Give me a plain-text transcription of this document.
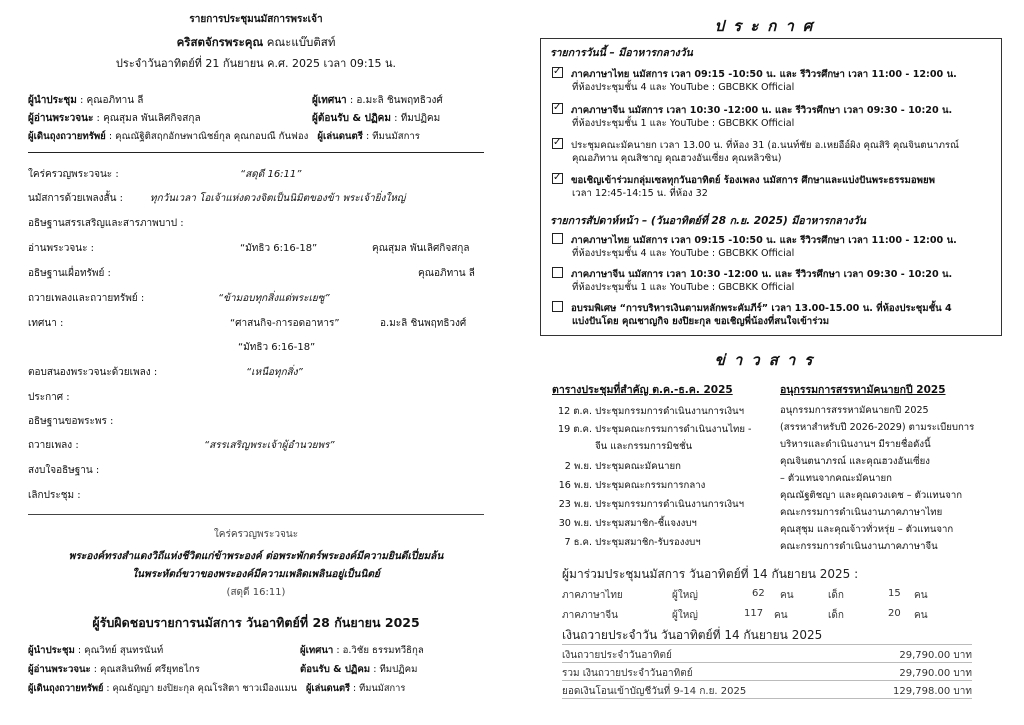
รายการประชุมนมัสการพระเจ้า
คริสตจักรพระคุณ คณะแบ๊บติสท์
ประจำวันอาทิตย์ที่ 21 กันยายน ค.ศ. 2025 เวลา 09:15 น.
ผู้นำประชุม : คุณอภิทาน ลี	ผู้เทศนา : อ.มะลิ ชินพฤทธิวงศ์
ผู้อ่านพระวจนะ : คุณสุมล พันเลิศกิจสกุล	ผู้ต้อนรับ & ปฏิคม : ทีมปฏิคม
ผู้เดินถุงถวายทรัพย์ : คุณณัฐิติสฤกอักษพาณิชย์กุล คุณกอบณี กันฟอง ผู้เล่นดนตรี : ทีมนมัสการ
ใคร่ครวญพระวจนะ :	“สดุดี 16:11”
นมัสการด้วยเพลงสั้น :	ทุกวันเวลา โอเจ้าแห่งดวงจิตเป็นนิมิตของข้า พระเจ้ายิ่งใหญ่
อธิษฐานสรรเสริญและสารภาพบาป :
อ่านพระวจนะ :	“มัทธิว 6:16-18”	คุณสุมล พันเลิศกิจสกุล
อธิษฐานเผื่อทรัพย์ :	คุณอภิทาน ลี
ถวายเพลงและถวายทรัพย์ :	“ข้ามอบทุกสิ่งแด่พระเยซู”
เทศนา :	“ศาสนกิจ-การอดอาหาร”	อ.มะลิ ชินพฤทธิวงศ์
“มัทธิว 6:16-18”
ตอบสนองพระวจนะด้วยเพลง :	“เหนือทุกสิ่ง”
ประกาศ :
อธิษฐานขอพระพร :
ถวายเพลง :	“สรรเสริญพระเจ้าผู้อำนวยพร”
สงบใจอธิษฐาน :
เลิกประชุม :
ใคร่ครวญพระวจนะ
พระองค์ทรงสำแดงวิถีแห่งชีวิตแก่ข้าพระองค์ ต่อพระพักตร์พระองค์มีความยินดีเปี่ยมล้น
ในพระหัตถ์ขวาของพระองค์มีความเพลิดเพลินอยู่เป็นนิตย์
(สดุดี 16:11)
ผู้รับผิดชอบรายการนมัสการ วันอาทิตย์ที่ 28 กันยายน 2025
ผู้นำประชุม : คุณวิทย์ สุนทรนันท์	ผู้เทศนา : อ.วิชัย ธรรมทวีธิกุล
ผู้อ่านพระวจนะ : คุณสลินทิพย์ ศรียุทธไกร	ต้อนรับ & ปฏิคม : ทีมปฏิคม
ผู้เดินถุงถวายทรัพย์ : คุณธัญญา ยงปิยะกุล คุณโรสิตา ชาวเมืองแมน ผู้เล่นดนตรี : ทีมนมัสการ
ประกาศ
รายการวันนี้ – มีอาหารกลางวัน
✓ภาคภาษาไทย นมัสการ เวลา 09:15 -10:50 น. และ รีวิวรศึกษา เวลา 11:00 - 12:00 น.
ที่ห้องประชุมชั้น 4 และ YouTube : GBCBKK Official
✓ภาคภาษาจีน นมัสการ เวลา 10:30 -12:00 น. และ รีวิวรศึกษา เวลา 09:30 - 10:20 น.
ที่ห้องประชุมชั้น 1 และ YouTube : GBCBKK Official
✓ประชุมคณะมัคนายก เวลา 13.00 น. ที่ห้อง 31 (อ.นนท์ชัย อ.เหยอือ์ผิง คุณสิริ คุณจินตนาภรณ์
คุณอภิทาน คุณสิชาญ คุณฮวงอันเซี่ยง คุณหลิวซิน)
✓ขอเชิญเข้าร่วมกลุ่มเซลทุกวันอาทิตย์ ร้องเพลง นมัสการ ศึกษาและแบ่งปันพระธรรมอพยพ
เวลา 12:45-14:15 น. ที่ห้อง 32
รายการสัปดาห์หน้า – (วันอาทิตย์ที่ 28 ก.ย. 2025) มีอาหารกลางวัน
ภาคภาษาไทย นมัสการ เวลา 09:15 -10:50 น. และ รีวิวรศึกษา เวลา 11:00 - 12:00 น.
ที่ห้องประชุมชั้น 4 และ YouTube : GBCBKK Official
ภาคภาษาจีน นมัสการ เวลา 10:30 -12:00 น. และ รีวิวรศึกษา เวลา 09:30 - 10:20 น.
ที่ห้องประชุมชั้น 1 และ YouTube : GBCBKK Official
อบรมพิเศษ “การบริหารเงินตามหลักพระคัมภีร์” เวลา 13.00-15.00 น. ที่ห้องประชุมชั้น 4
แบ่งปันโดย คุณชาญกิจ ยงปิยะกุล ขอเชิญพี่น้องที่สนใจเข้าร่วม
ข่าวสาร
ตารางประชุมที่สำคัญ ต.ค.-ธ.ค. 2025	อนุกรรมการสรรหามัคนายกปี 2025
12 ต.ค. ประชุมกรรมการดำเนินงานการเงินฯ
19 ต.ค. ประชุมคณะกรรมการดำเนินงานไทย -
จีน และกรรมการมิชชั่น
2 พ.ย. ประชุมคณะมัคนายก
16 พ.ย. ประชุมคณะกรรมการกลาง
23 พ.ย. ประชุมกรรมการดำเนินงานการเงินฯ
30 พ.ย. ประชุมสมาชิก-ชี้แจงงบฯ
7 ธ.ค. ประชุมสมาชิก-รับรองงบฯ
อนุกรรมการสรรหามัคนายกปี 2025
(สรรหาสำหรับปี 2026-2029) ตามระเบียบการ
บริหารและดำเนินงานฯ มีรายชื่อดังนี้
คุณจินตนาภรณ์ และคุณฮวงอันเซี่ยง
– ตัวแทนจากคณะมัคนายก
คุณณัฐติชญา และคุณดวงเดช – ตัวแทนจาก
คณะกรรมการดำเนินงานภาคภาษาไทย
คุณสุชุม และคุณจ้าวทั่วหรุ่ย – ตัวแทนจาก
คณะกรรมการดำเนินงานภาคภาษาจีน
ผู้มาร่วมประชุมนมัสการ วันอาทิตย์ที่ 14 กันยายน 2025 :
ภาคภาษาไทย	ผู้ใหญ่	62 คน	เด็ก	15 คน
ภาคภาษาจีน	ผู้ใหญ่	117 คน	เด็ก	20 คน
เงินถวายประจำวัน วันอาทิตย์ที่ 14 กันยายน 2025
เงินถวายประจำวันอาทิตย์	29,790.00 บาท
รวม เงินถวายประจำวันอาทิตย์	29,790.00 บาท
ยอดเงินโอนเข้าบัญชีวันที่ 9-14 ก.ย. 2025	129,798.00 บาท
